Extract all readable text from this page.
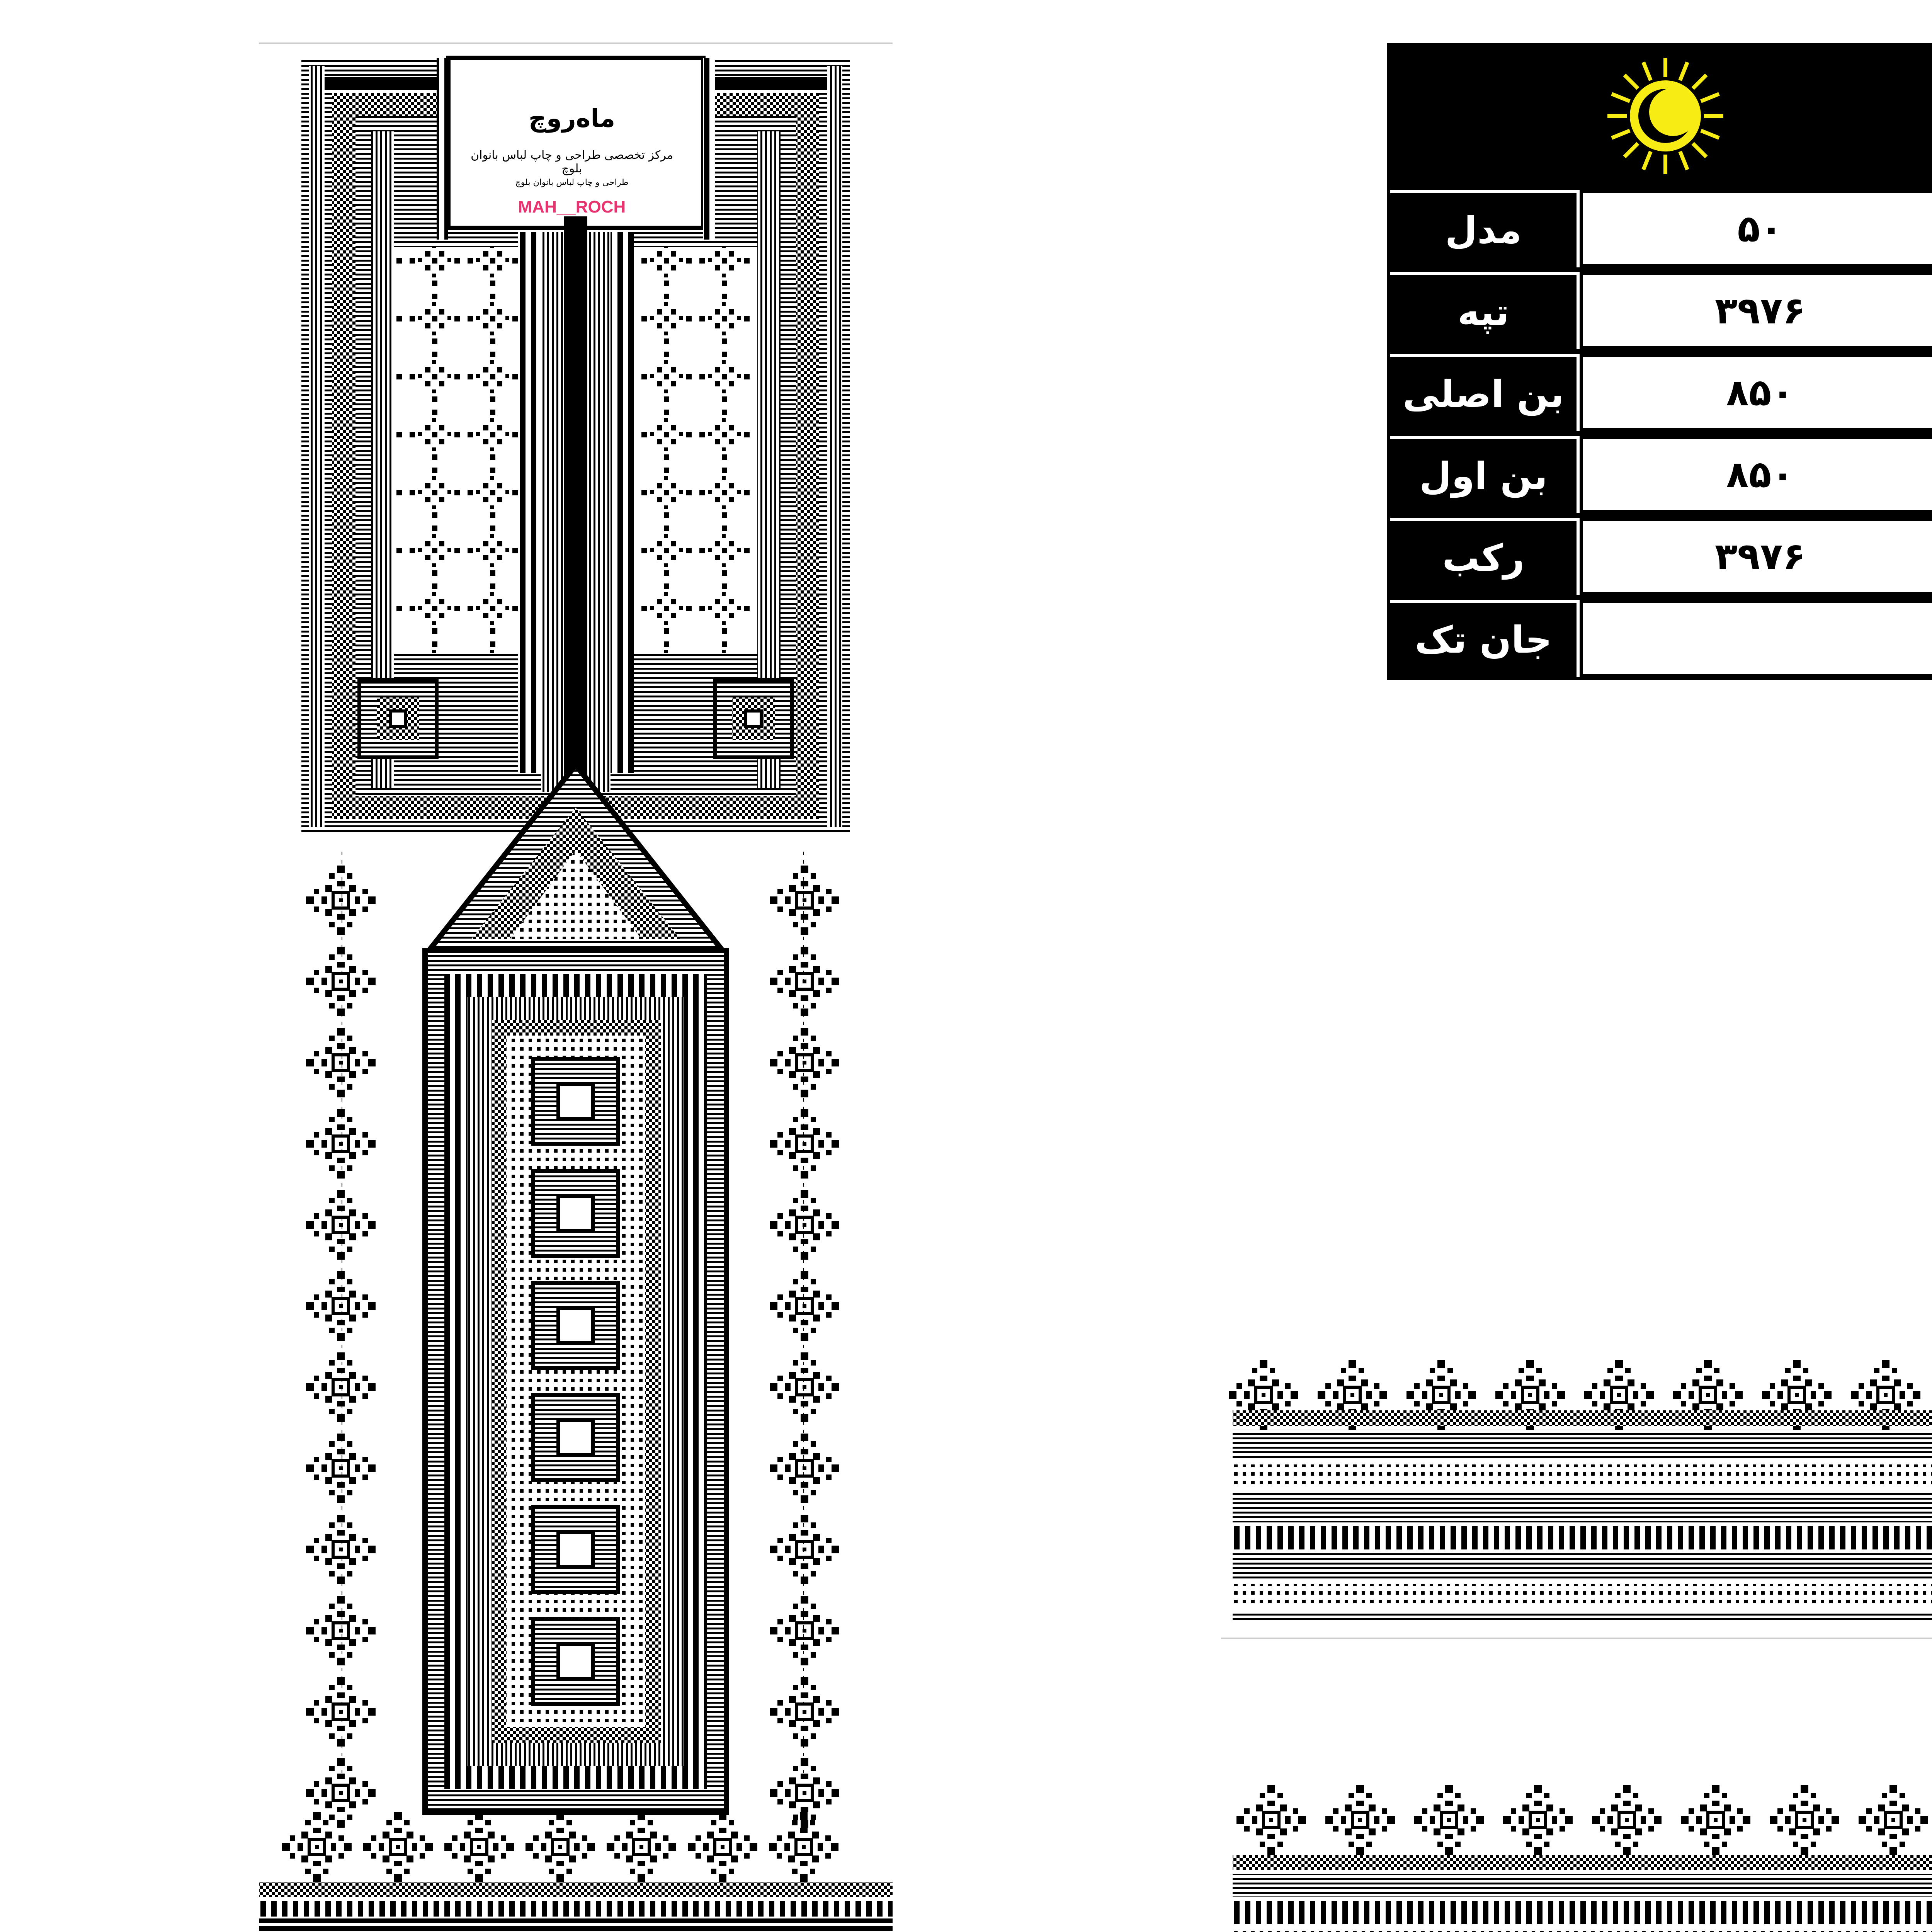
ماه‌روچ
مرکز تخصصی طراحی و چاپ لباس بانوان بلوچ
طراحی و چاپ لباس بانوان بلوچ
MAH__ROCH
مدل	۵۰
تپه	۳۹۷۶
بن اصلی	۸۵۰
بن اول	۸۵۰
رکب	۳۹۷۶
جان تک
